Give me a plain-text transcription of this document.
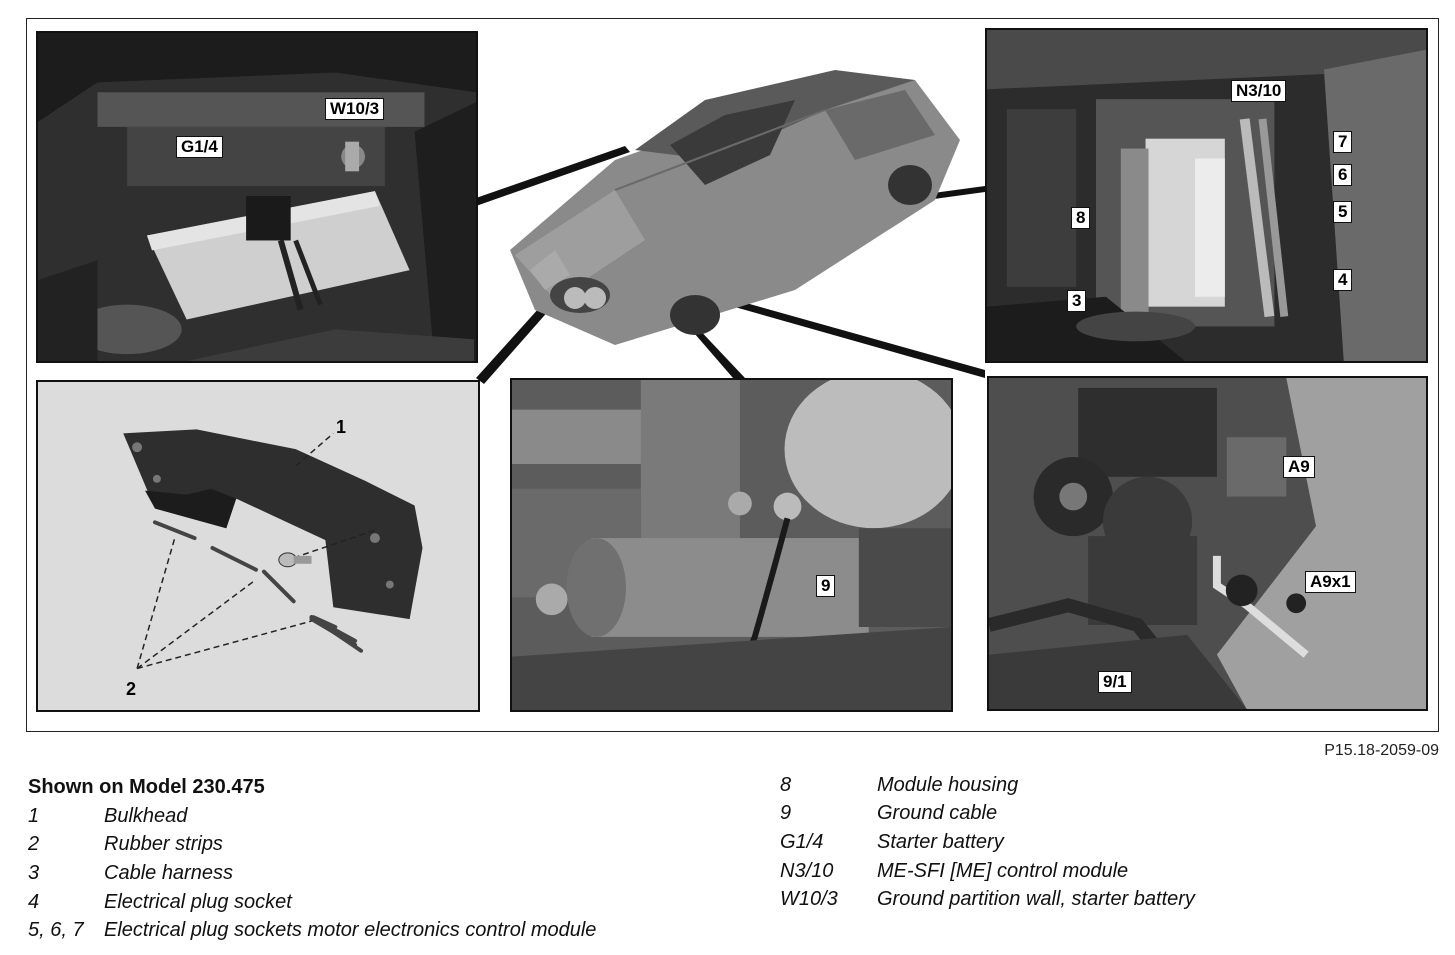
W10/3
G1/4
N3/10
7
6
5
8
4
3
1
2
9
A9
A9x1
9/1
P15.18-2059-09
Shown on Model 230.475
1	Bulkhead
2	Rubber strips
3	Cable harness
4	Electrical plug socket
5, 6, 7	Electrical plug sockets motor electronics control module
8	Module housing
9	Ground cable
G1/4	Starter battery
N3/10	ME-SFI [ME] control module
W10/3	Ground partition wall, starter battery
